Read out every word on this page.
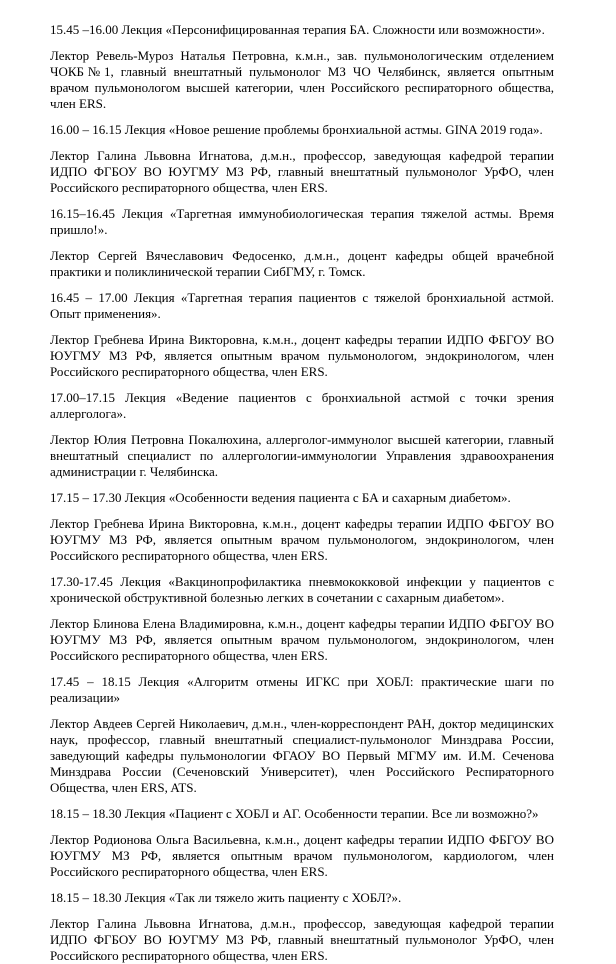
15.45 –16.00 Лекция «Персонифицированная терапия БА. Сложности или возможности».

Лектор Ревель-Муроз Наталья Петровна, к.м.н., зав. пульмонологическим отделением ЧОКБ№1, главный внештатный пульмонолог МЗ ЧО Челябинск, является опытным врачом пульмонологом высшей категории, член Российского респираторного общества, член ERS.

16.00 – 16.15 Лекция «Новое решение проблемы бронхиальной астмы. GINA 2019 года».

Лектор Галина Львовна Игнатова, д.м.н., профессор, заведующая кафедрой терапии ИДПО ФГБОУ ВО ЮУГМУ МЗ РФ, главный внештатный пульмонолог УрФО, член Российского респираторного общества, член ERS.

16.15–16.45 Лекция «Таргетная иммунобиологическая терапия тяжелой астмы. Время пришло!».

Лектор Сергей Вячеславович Федосенко, д.м.н., доцент кафедры общей врачебной практики и поликлинической терапии СибГМУ, г. Томск.

16.45 – 17.00 Лекция «Таргетная терапия пациентов с тяжелой бронхиальной астмой. Опыт применения».

Лектор Гребнева Ирина Викторовна, к.м.н., доцент кафедры терапии ИДПО ФБГОУ ВО ЮУГМУ МЗ РФ, является опытным врачом пульмонологом, эндокринологом, член Российского респираторного общества, член ERS.

17.00–17.15 Лекция «Ведение пациентов с бронхиальной астмой с точки зрения аллерголога».

Лектор Юлия Петровна Покалюхина, аллерголог-иммунолог высшей категории, главный внештатный специалист по аллергологии-иммунологии Управления здравоохранения администрации г. Челябинска.

17.15 – 17.30 Лекция «Особенности ведения пациента с БА и сахарным диабетом».

Лектор Гребнева Ирина Викторовна, к.м.н., доцент кафедры терапии ИДПО ФБГОУ ВО ЮУГМУ МЗ РФ, является опытным врачом пульмонологом, эндокринологом, член Российского респираторного общества, член ERS.

17.30-17.45 Лекция «Вакцинопрофилактика пневмококковой инфекции у пациентов с хронической обструктивной болезнью легких в сочетании с сахарным диабетом».

Лектор Блинова Елена Владимировна, к.м.н., доцент кафедры терапии ИДПО ФБГОУ ВО ЮУГМУ МЗ РФ, является опытным врачом пульмонологом, эндокринологом, член Российского респираторного общества, член ERS.

17.45 – 18.15 Лекция «Алгоритм отмены ИГКС при ХОБЛ: практические шаги по реализации»

Лектор Авдеев Сергей Николаевич, д.м.н., член-корреспондент РАН, доктор медицинских наук, профессор, главный внештатный специалист-пульмонолог Минздрава России, заведующий кафедры пульмонологии ФГАОУ ВО Первый МГМУ им. И.М. Сеченова Минздрава России (Сеченовский Университет), член Российского Респираторного Общества, член ERS, ATS.

18.15 – 18.30 Лекция «Пациент с ХОБЛ и АГ. Особенности терапии. Все ли возможно?»

Лектор Родионова Ольга Васильевна, к.м.н., доцент кафедры терапии ИДПО ФБГОУ ВО ЮУГМУ МЗ РФ, является опытным врачом пульмонологом, кардиологом, член Российского респираторного общества, член ERS.

18.15 – 18.30 Лекция «Так ли тяжело жить пациенту с ХОБЛ?».

Лектор Галина Львовна Игнатова, д.м.н., профессор, заведующая кафедрой терапии ИДПО ФГБОУ ВО ЮУГМУ МЗ РФ, главный внештатный пульмонолог УрФО, член Российского респираторного общества, член ERS.
